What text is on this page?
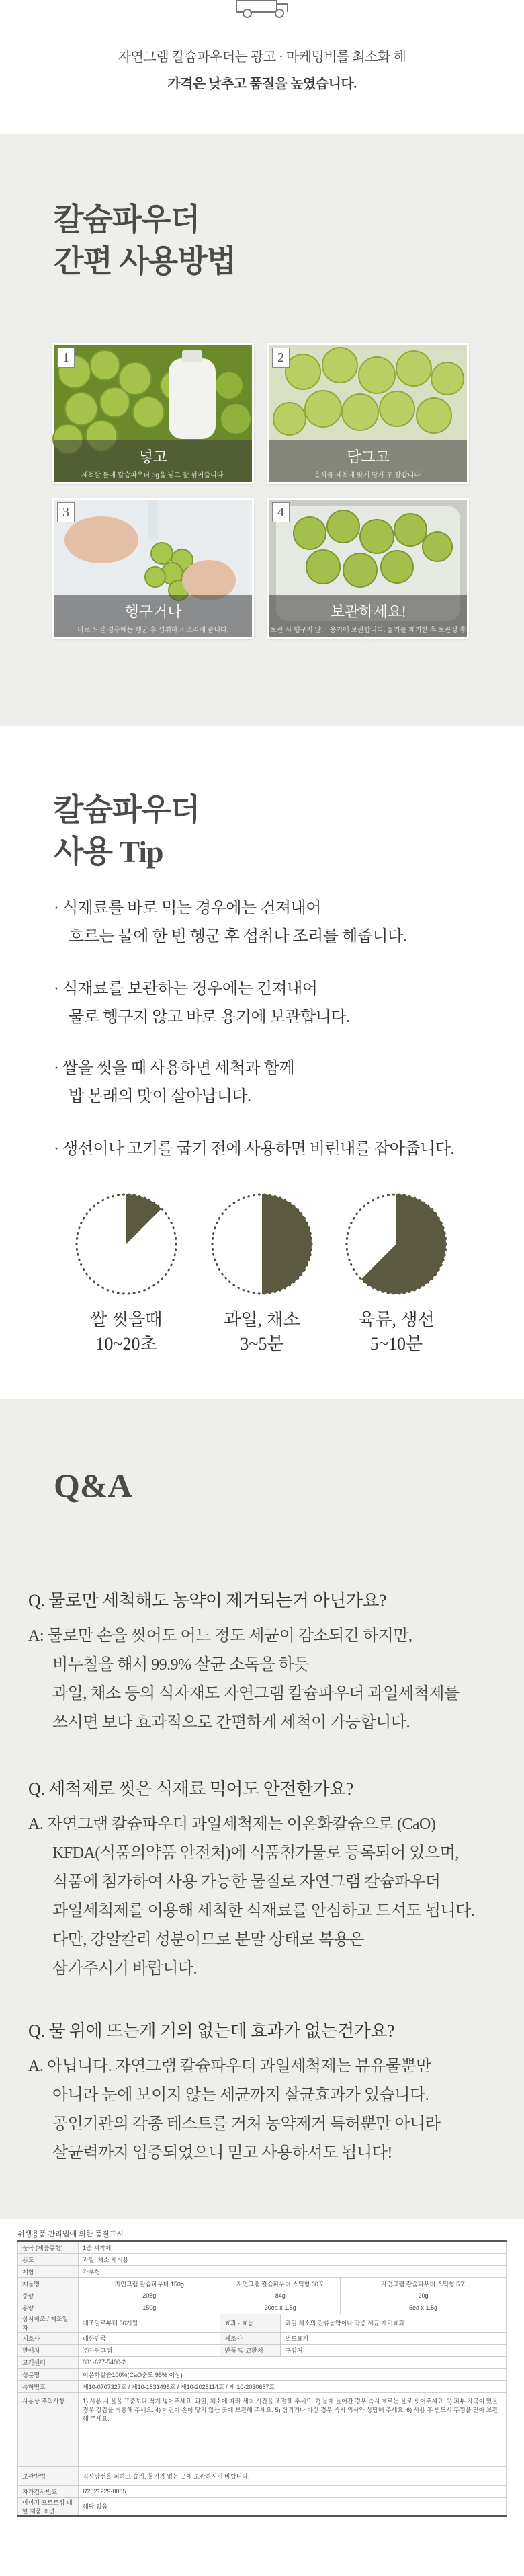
자연그램 칼슘파우더는 광고 · 마케팅비를 최소화 해

가격은 낮추고 품질을 높였습니다.

칼슘파우더
간편 사용방법
1
넣고
세척할 물에 칼슘파우더 3g을 넣고 잘 섞어줍니다.
2
담그고
음식물 세척에 맞게 담가 두 잠갑니다.
3
헹구거나
바로 드실 경우에는 헹군 후 섭취하고 조리해 줍니다.
4
보관하세요!
보관 시 헹구지 않고 용기에 보관합니다. 물기를 제거한 후 보관성 좋아요.
칼슘파우더
사용 Tip
· 식재료를 바로 먹는 경우에는 건져내어
흐르는 물에 한 번 헹군 후 섭취나 조리를 해줍니다.
· 식재료를 보관하는 경우에는 건져내어
물로 헹구지 않고 바로 용기에 보관합니다.
· 쌀을 씻을 때 사용하면 세척과 함께
밥 본래의 맛이 살아납니다.
· 생선이나 고기를 굽기 전에 사용하면 비린내를 잡아줍니다.
쌀 씻을때
10~20초
과일, 채소
3~5분
육류, 생선
5~10분
Q&A
Q. 물로만 세척해도 농약이 제거되는거 아닌가요?
A: 물로만 손을 씻어도 어느 정도 세균이 감소되긴 하지만,
비누칠을 해서 99.9% 살균 소독을 하듯
과일, 채소 등의 식자재도 자연그램 칼슘파우더 과일세척제를
쓰시면 보다 효과적으로 간편하게 세척이 가능합니다.
Q. 세척제로 씻은 식재료 먹어도 안전한가요?
A. 자연그램 칼슘파우더 과일세척제는 이온화칼슘으로 (CaO)
KFDA(식품의약품 안전처)에 식품첨가물로 등록되어 있으며,
식품에 첨가하여 사용 가능한 물질로 자연그램 칼슘파우더
과일세척제를 이용해 세척한 식재료를 안심하고 드셔도 됩니다.
다만, 강알칼리 성분이므로 분말 상태로 복용은
삼가주시기 바랍니다.
Q. 물 위에 뜨는게 거의 없는데 효과가 없는건가요?
A. 아닙니다. 자연그램 칼슘파우더 과일세척제는 뷰유물뿐만
아니라 눈에 보이지 않는 세균까지 살균효과가 있습니다.
공인기관의 각종 테스트를 거쳐 농약제거 특허뿐만 아니라
살균력까지 입증되었으니 믿고 사용하셔도 됩니다!
위생용품 관리법에 의한 품질표시
품목 (제품유형)	1종 세척제			
용도	과일, 채소 세척용			
제형	가루형			
제품명	자연그램 칼슘파우더 150g	자연그램 칼슘파우더 스틱형 30포		자연그램 칼슘파우더 스틱형 5포
중량	205g	84g		20g
용량	150g	30ea x 1.5g		5ea x 1.5g
상시제조 / 제조일자	제조일로부터 36개월	효과 · 효능	과일 채소의 잔류농약이나 각종 세균 제거효과	
제조사	대한민국	제조사	별도표기	
판매처	㈜자연그램	반품 및 교환처	구입처	
고객센터	031-627-5480-2			
성분명	이온화칼슘100%(CaO순도 95% 이상)			
특허번호	제10-0707327호 / 제10-1831498호 / 제10-2025114호 / 제 10-2030657호			
사용상 주의사항	1) 사용 시 물을 표준보다 적게 넣어주세요. 과일, 채소에 따라 세척 시간을 조절해 주세요. 2) 눈에 들어간 경우 즉시 흐르는 물로 씻어주세요. 3) 피부 자극이 있을 경우 장갑을 착용해 주세요. 4) 어린이 손이 닿지 않는 곳에 보관해 주세요. 5) 삼키거나 마신 경우 즉시 의사와 상담해 주세요. 6) 사용 후 반드시 뚜껑을 닫아 보관해 주세요.			
보관방법	직사광선을 피하고 습기, 물기가 없는 곳에 보관하시기 바랍니다.			
자가검사번호	R2021229-0085			
이미지 포토토정 대한 제품 표면	해당 없음			
